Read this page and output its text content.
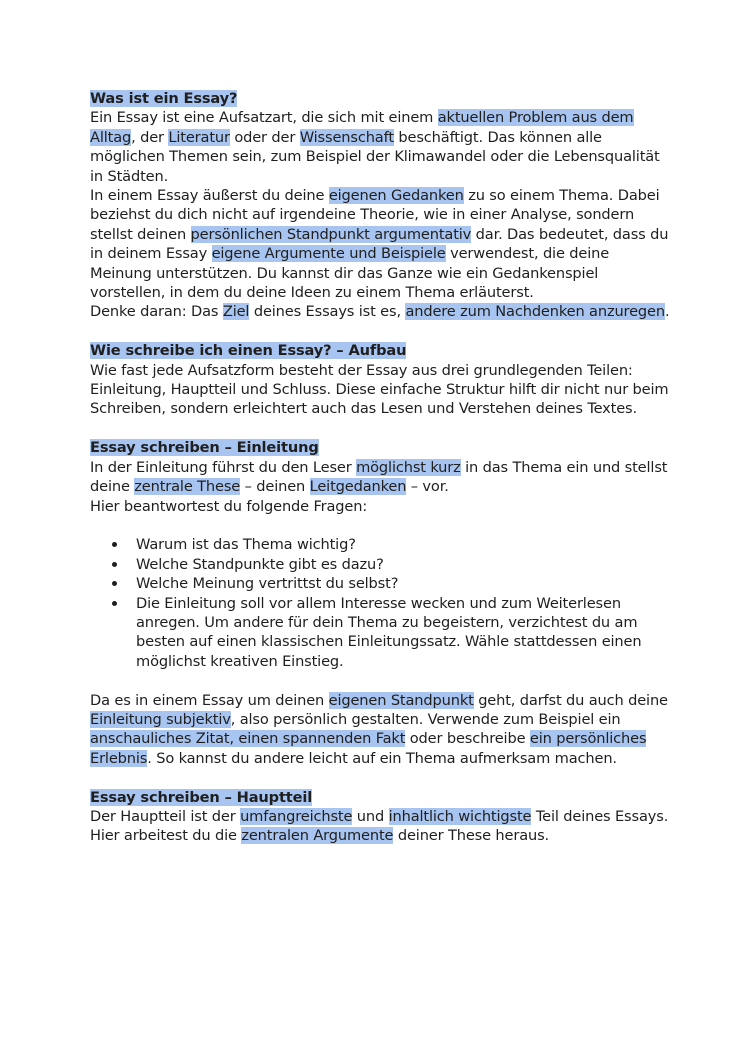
Was ist ein Essay?

Ein Essay ist eine Aufsatzart, die sich mit einem aktuellen Problem aus dem Alltag, der Literatur oder der Wissenschaft beschäftigt. Das können alle möglichen Themen sein, zum Beispiel der Klimawandel oder die Lebensqualität in Städten.

In einem Essay äußerst du deine eigenen Gedanken zu so einem Thema. Dabei beziehst du dich nicht auf irgendeine Theorie, wie in einer Analyse, sondern stellst deinen persönlichen Standpunkt argumentativ dar. Das bedeutet, dass du in deinem Essay eigene Argumente und Beispiele verwendest, die deine Meinung unterstützen. Du kannst dir das Ganze wie ein Gedankenspiel vorstellen, in dem du deine Ideen zu einem Thema erläuterst.

Denke daran: Das Ziel deines Essays ist es, andere zum Nachdenken anzuregen.

Wie schreibe ich einen Essay? – Aufbau

Wie fast jede Aufsatzform besteht der Essay aus drei grundlegenden Teilen: Einleitung, Hauptteil und Schluss. Diese einfache Struktur hilft dir nicht nur beim Schreiben, sondern erleichtert auch das Lesen und Verstehen deines Textes.

Essay schreiben – Einleitung

In der Einleitung führst du den Leser möglichst kurz in das Thema ein und stellst deine zentrale These – deinen Leitgedanken – vor.

Hier beantwortest du folgende Fragen:

Warum ist das Thema wichtig?
Welche Standpunkte gibt es dazu?
Welche Meinung vertrittst du selbst?
Die Einleitung soll vor allem Interesse wecken und zum Weiterlesen anregen. Um andere für dein Thema zu begeistern, verzichtest du am besten auf einen klassischen Einleitungssatz. Wähle stattdessen einen möglichst kreativen Einstieg.

Da es in einem Essay um deinen eigenen Standpunkt geht, darfst du auch deine Einleitung subjektiv, also persönlich gestalten. Verwende zum Beispiel ein anschauliches Zitat, einen spannenden Fakt oder beschreibe ein persönliches Erlebnis. So kannst du andere leicht auf ein Thema aufmerksam machen.

Essay schreiben – Hauptteil

Der Hauptteil ist der umfangreichste und inhaltlich wichtigste Teil deines Essays. Hier arbeitest du die zentralen Argumente deiner These heraus.
